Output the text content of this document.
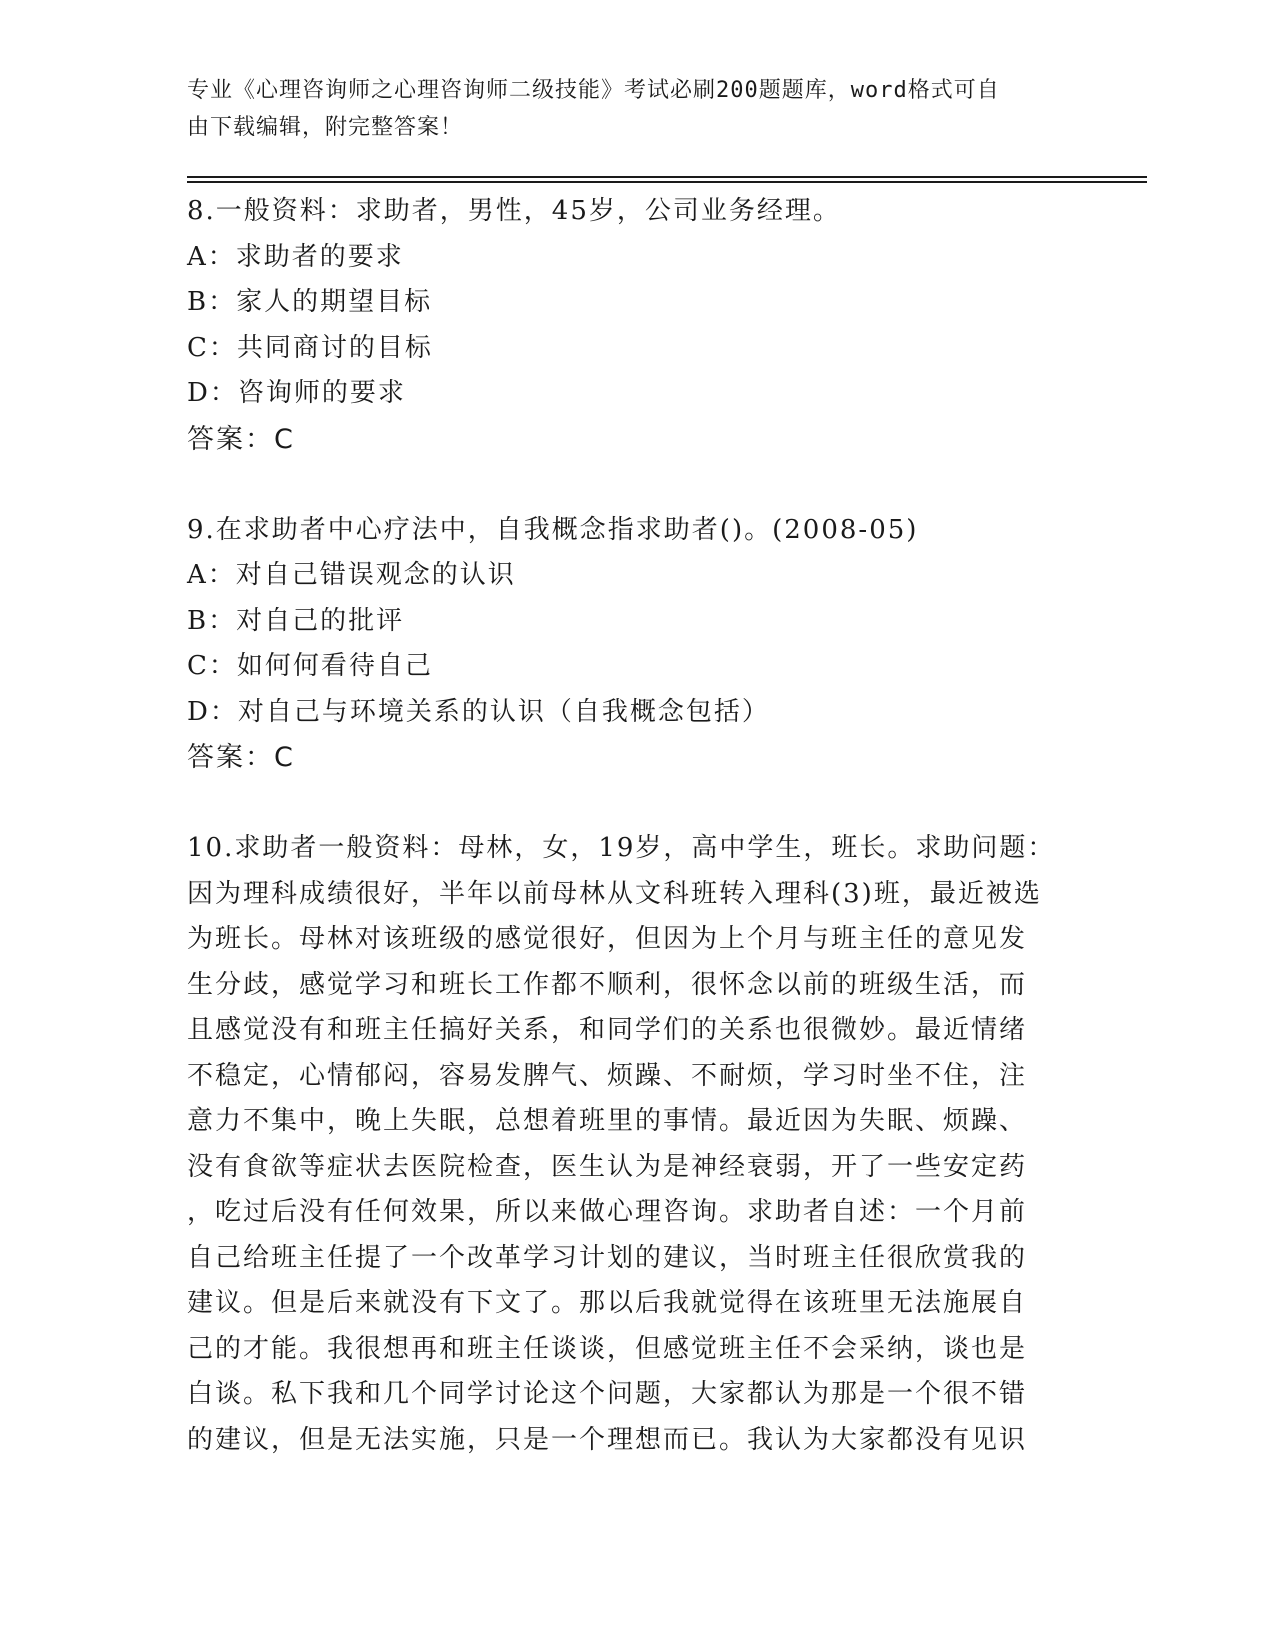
专业《心理咨询师之心理咨询师二级技能》考试必刷200题题库，word格式可自
由下载编辑，附完整答案！
8.一般资料：求助者，男性，45岁，公司业务经理。
A：求助者的要求
B：家人的期望目标
C：共同商讨的目标
D：咨询师的要求
答案：C
9.在求助者中心疗法中，自我概念指求助者()。(2008-05)
A：对自己错误观念的认识
B：对自己的批评
C：如何何看待自己
D：对自己与环境关系的认识（自我概念包括）
答案：C
10.求助者一般资料：母林，女，19岁，高中学生，班长。求助问题：
因为理科成绩很好，半年以前母林从文科班转入理科(3)班，最近被选
为班长。母林对该班级的感觉很好，但因为上个月与班主任的意见发
生分歧，感觉学习和班长工作都不顺利，很怀念以前的班级生活，而
且感觉没有和班主任搞好关系，和同学们的关系也很微妙。最近情绪
不稳定，心情郁闷，容易发脾气、烦躁、不耐烦，学习时坐不住，注
意力不集中，晚上失眠，总想着班里的事情。最近因为失眠、烦躁、
没有食欲等症状去医院检查，医生认为是神经衰弱，开了一些安定药
，吃过后没有任何效果，所以来做心理咨询。求助者自述：一个月前
自己给班主任提了一个改革学习计划的建议，当时班主任很欣赏我的
建议。但是后来就没有下文了。那以后我就觉得在该班里无法施展自
己的才能。我很想再和班主任谈谈，但感觉班主任不会采纳，谈也是
白谈。私下我和几个同学讨论这个问题，大家都认为那是一个很不错
的建议，但是无法实施，只是一个理想而已。我认为大家都没有见识
